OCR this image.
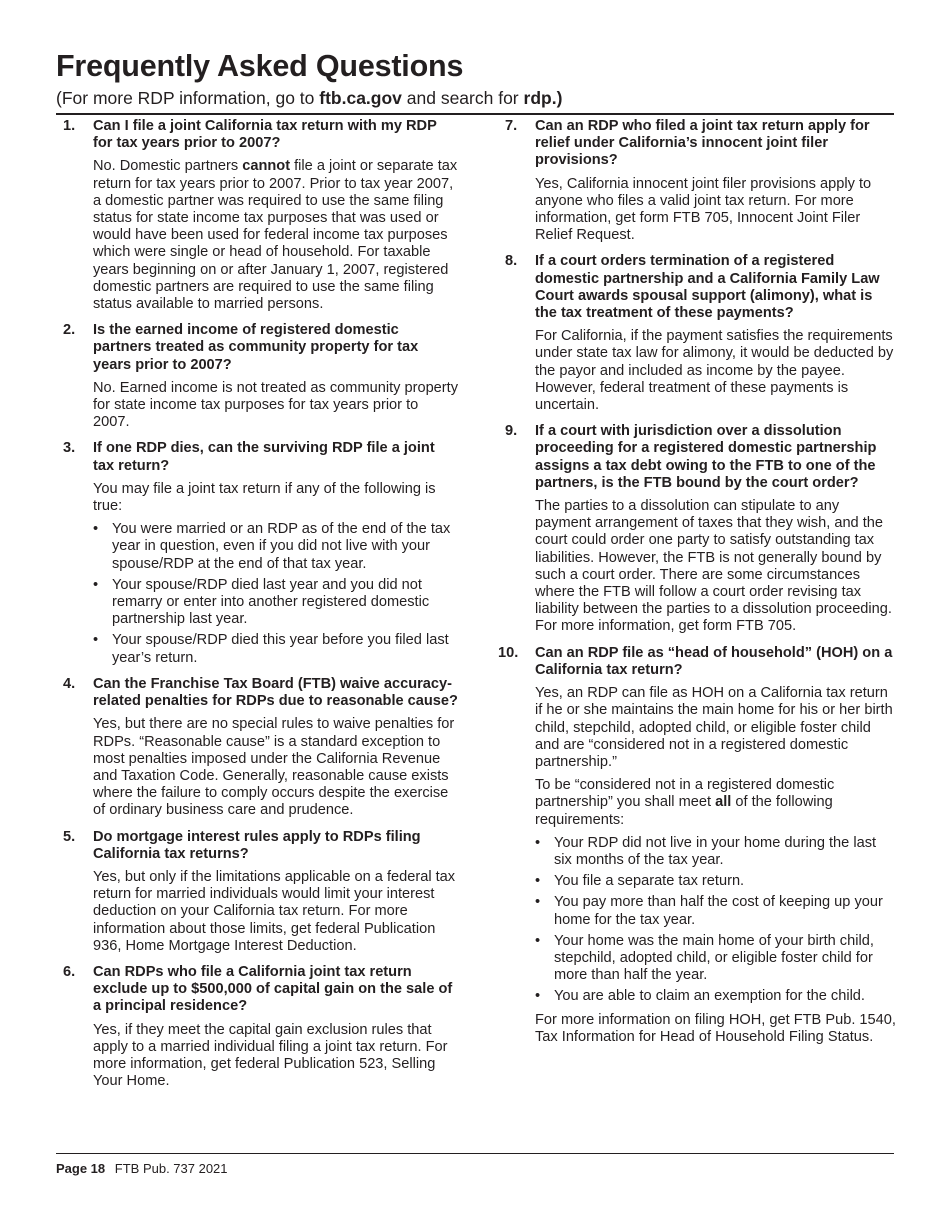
Frequently Asked Questions

(For more RDP information, go to ftb.ca.gov and search for rdp.)

1. Can I file a joint California tax return with my RDP for tax years prior to 2007?

No. Domestic partners cannot file a joint or separate tax return for tax years prior to 2007. Prior to tax year 2007, a domestic partner was required to use the same filing status for state income tax purposes that was used or would have been used for federal income tax purposes which were single or head of household. For taxable years beginning on or after January 1, 2007, registered domestic partners are required to use the same filing status available to married persons.

2. Is the earned income of registered domestic partners treated as community property for tax years prior to 2007?

No. Earned income is not treated as community property for state income tax purposes for tax years prior to 2007.

3. If one RDP dies, can the surviving RDP file a joint tax return?

You may file a joint tax return if any of the following is true:

• You were married or an RDP as of the end of the tax year in question, even if you did not live with your spouse/RDP at the end of that tax year.
• Your spouse/RDP died last year and you did not remarry or enter into another registered domestic partnership last year.
• Your spouse/RDP died this year before you filed last year’s return.
4. Can the Franchise Tax Board (FTB) waive accuracy-related penalties for RDPs due to reasonable cause?

Yes, but there are no special rules to waive penalties for RDPs. “Reasonable cause” is a standard exception to most penalties imposed under the California Revenue and Taxation Code. Generally, reasonable cause exists where the failure to comply occurs despite the exercise of ordinary business care and prudence.

5. Do mortgage interest rules apply to RDPs filing California tax returns?

Yes, but only if the limitations applicable on a federal tax return for married individuals would limit your interest deduction on your California tax return. For more information about those limits, get federal Publication 936, Home Mortgage Interest Deduction.

6. Can RDPs who file a California joint tax return exclude up to $500,000 of capital gain on the sale of a principal residence?

Yes, if they meet the capital gain exclusion rules that apply to a married individual filing a joint tax return. For more information, get federal Publication 523, Selling Your Home.

7. Can an RDP who filed a joint tax return apply for relief under California’s innocent joint filer provisions?

Yes, California innocent joint filer provisions apply to anyone who files a valid joint tax return. For more information, get form FTB 705, Innocent Joint Filer Relief Request.

8. If a court orders termination of a registered domestic partnership and a California Family Law Court awards spousal support (alimony), what is the tax treatment of these payments?

For California, if the payment satisfies the requirements under state tax law for alimony, it would be deducted by the payor and included as income by the payee. However, federal treatment of these payments is uncertain.

9. If a court with jurisdiction over a dissolution proceeding for a registered domestic partnership assigns a tax debt owing to the FTB to one of the partners, is the FTB bound by the court order?

The parties to a dissolution can stipulate to any payment arrangement of taxes that they wish, and the court could order one party to satisfy outstanding tax liabilities. However, the FTB is not generally bound by such a court order. There are some circumstances where the FTB will follow a court order revising tax liability between the parties to a dissolution proceeding. For more information, get form FTB 705.

10. Can an RDP file as “head of household” (HOH) on a California tax return?

Yes, an RDP can file as HOH on a California tax return if he or she maintains the main home for his or her birth child, stepchild, adopted child, or eligible foster child and are “considered not in a registered domestic partnership.”

To be “considered not in a registered domestic partnership” you shall meet all of the following requirements:

• Your RDP did not live in your home during the last six months of the tax year.
• You file a separate tax return.
• You pay more than half the cost of keeping up your home for the tax year.
• Your home was the main home of your birth child, stepchild, adopted child, or eligible foster child for more than half the year.
• You are able to claim an exemption for the child.

For more information on filing HOH, get FTB Pub. 1540, Tax Information for Head of Household Filing Status.

Page 18 FTB Pub. 737 2021
